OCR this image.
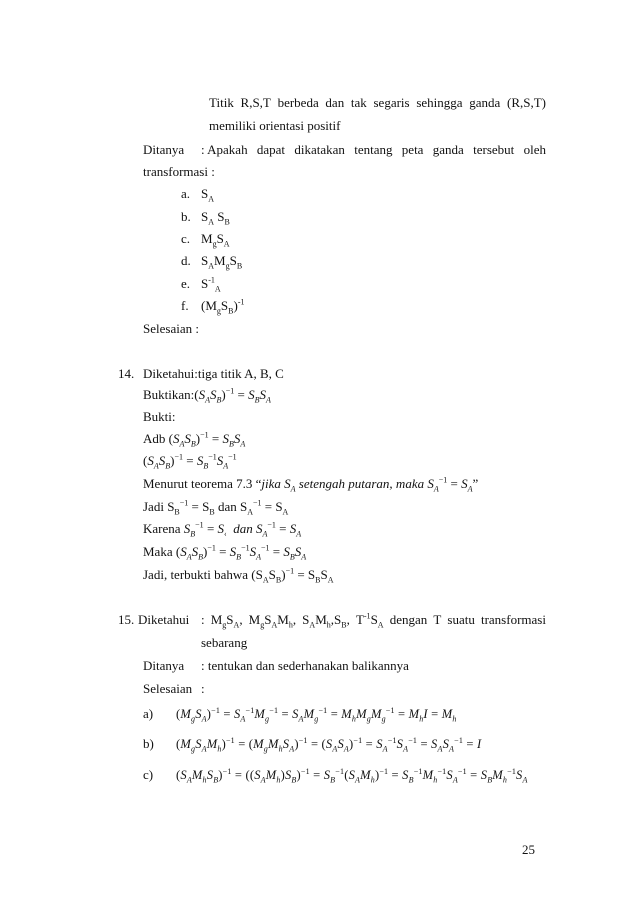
Titik R,S,T berbeda dan tak segaris sehingga ganda (R,S,T)
memiliki orientasi positif
Ditanya : Apakah dapat dikatakan tentang peta ganda tersebut oleh
transformasi :
a. $S_A$
b. $S_A$ $S_B$
c. $M_gS_A$
d. $S_AM_gS_B$
e. $S^{-1}_A$
f. $(M_gS_B)^{-1}$
Selesaian :
14. Diketahui:tiga titik A, B, C
$Buktikan:(S_AS_B)^{-1} = S_BS_A$
Bukti:
Adb $(S_AS_B)^{-1} = S_BS_A$
$(S_AS_B)^{-1} = S_B^{-1}S_A^{-1}$
Menurut teorema 7.3 “jika $S_A$ setengah putaran, maka $S_A^{-1} = S_A$”
Jadi $S_B^{-1} = S_B$ dan $S_A^{-1} = S_A$
Karena $S_B^{-1} = S_‹$ dan $S_A^{-1} = S_A$
Maka $(S_AS_B)^{-1} = S_B^{-1}S_A^{-1} = S_BS_A$
Jadi, terbukti bahwa $(S_AS_B)^{-1} = S_BS_A$
15. Diketahui : $M_gS_A$, $M_gS_AM_h$, $S_AM_h,S_B$, $T^{-1}S_A$ dengan T suatu transformasi
sebarang
Ditanya : tentukan dan sederhanakan balikannya
Selesaian :
a) $(M_gS_A)^{-1} = S_A^{-1}M_g^{-1} = S_AM_g^{-1} = M_hM_gM_g^{-1} = M_hI = M_h$
b) $(M_gS_AM_h)^{-1} = (M_gM_hS_A)^{-1} = (S_AS_A)^{-1} = S_A^{-1}S_A^{-1} = S_AS_A^{-1} = I$
c) $(S_AM_hS_B)^{-1} = ((S_AM_h)S_B)^{-1} = S_B^{-1}(S_AM_h)^{-1} = S_B^{-1}M_h^{-1}S_A^{-1} = S_BM_h^{-1}S_A$
25
